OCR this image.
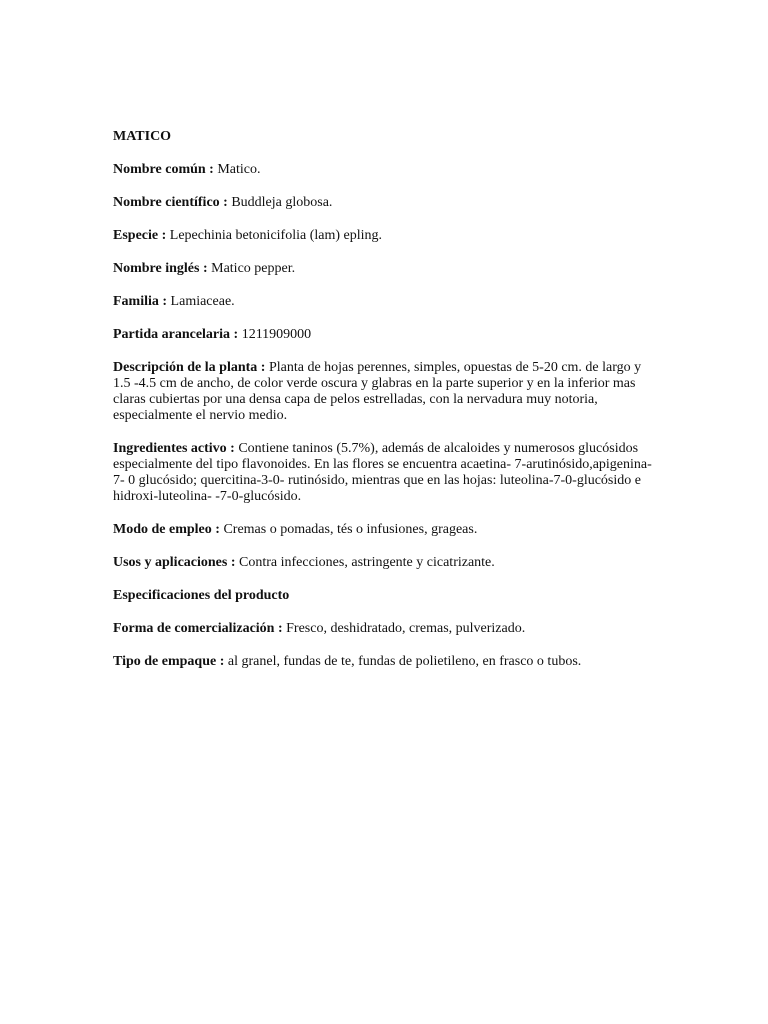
MATICO
Nombre común : Matico.
Nombre científico : Buddleja globosa.
Especie : Lepechinia betonicifolia (lam) epling.
Nombre inglés : Matico pepper.
Familia : Lamiaceae.
Partida arancelaria : 1211909000
Descripción de la planta : Planta de hojas perennes, simples, opuestas de 5-20 cm. de largo y 1.5 -4.5 cm de ancho, de color verde oscura y glabras en la parte superior y en la inferior mas claras cubiertas por una densa capa de pelos estrelladas, con la nervadura muy notoria, especialmente el nervio medio.
Ingredientes activo : Contiene taninos (5.7%), además de alcaloides y numerosos glucósidos especialmente del tipo flavonoides. En las flores se encuentra acaetina- 7-arutinósido,apigenina-7- 0 glucósido; quercitina-3-0- rutinósido, mientras que en las hojas: luteolina-7-0-glucósido e hidroxi-luteolina- -7-0-glucósido.
Modo de empleo : Cremas o pomadas, tés o infusiones, grageas.
Usos y aplicaciones : Contra infecciones, astringente y cicatrizante.
Especificaciones del producto
Forma de comercialización : Fresco, deshidratado, cremas, pulverizado.
Tipo de empaque : al granel, fundas de te, fundas de polietileno, en frasco o tubos.
